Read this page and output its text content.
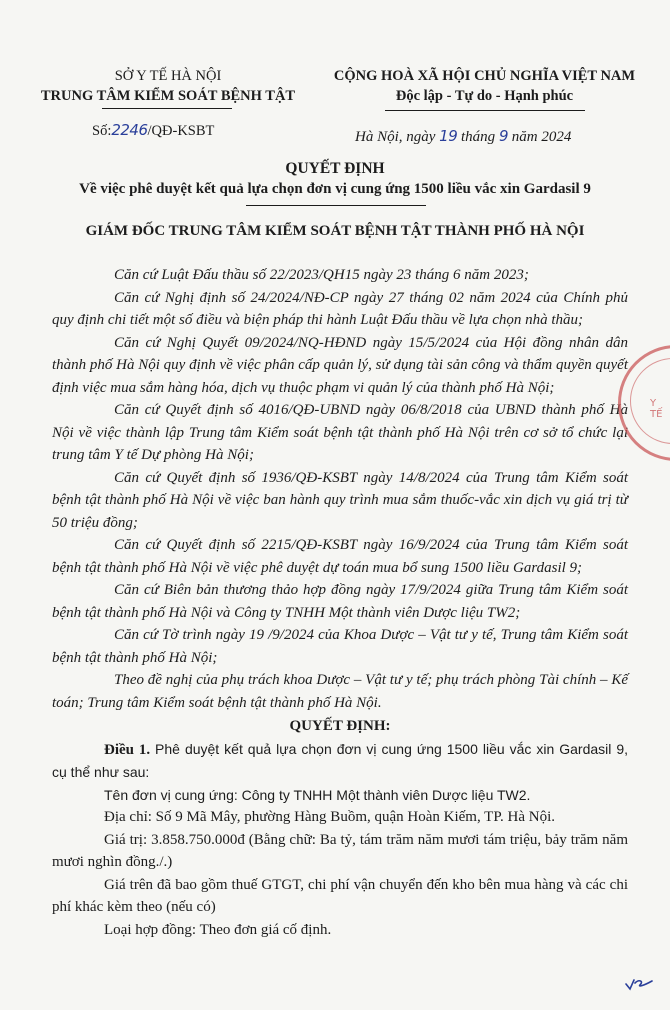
SỞ Y TẾ HÀ NỘI
TRUNG TÂM KIỂM SOÁT BỆNH TẬT
CỘNG HOÀ XÃ HỘI CHỦ NGHĨA VIỆT NAM
Độc lập - Tự do - Hạnh phúc
Số:2246/QĐ-KSBT	Hà Nội, ngày 19 tháng 9 năm 2024
QUYẾT ĐỊNH
Về việc phê duyệt kết quả lựa chọn đơn vị cung ứng 1500 liều vắc xin Gardasil 9
GIÁM ĐỐC TRUNG TÂM KIỂM SOÁT BỆNH TẬT THÀNH PHỐ HÀ NỘI

Căn cứ Luật Đấu thầu số 22/2023/QH15 ngày 23 tháng 6 năm 2023;

Căn cứ Nghị định số 24/2024/NĐ-CP ngày 27 tháng 02 năm 2024 của Chính phủ quy định chi tiết một số điều và biện pháp thi hành Luật Đấu thầu về lựa chọn nhà thầu;

Căn cứ Nghị Quyết 09/2024/NQ-HĐND ngày 15/5/2024 của Hội đồng nhân dân thành phố Hà Nội quy định về việc phân cấp quản lý, sử dụng tài sản công và thẩm quyền quyết định việc mua sắm hàng hóa, dịch vụ thuộc phạm vi quản lý của thành phố Hà Nội;

Căn cứ Quyết định số 4016/QĐ-UBND ngày 06/8/2018 của UBND thành phố Hà Nội về việc thành lập Trung tâm Kiểm soát bệnh tật thành phố Hà Nội trên cơ sở tổ chức lại trung tâm Y tế Dự phòng Hà Nội;

Căn cứ Quyết định số 1936/QĐ-KSBT ngày 14/8/2024 của Trung tâm Kiểm soát bệnh tật thành phố Hà Nội về việc ban hành quy trình mua sắm thuốc-vắc xin dịch vụ giá trị từ 50 triệu đồng;

Căn cứ Quyết định số 2215/QĐ-KSBT ngày 16/9/2024 của Trung tâm Kiểm soát bệnh tật thành phố Hà Nội về việc phê duyệt dự toán mua bổ sung 1500 liều Gardasil 9;

Căn cứ Biên bản thương thảo hợp đồng ngày 17/9/2024 giữa Trung tâm Kiểm soát bệnh tật thành phố Hà Nội và Công ty TNHH Một thành viên Dược liệu TW2;

Căn cứ Tờ trình ngày 19 /9/2024 của Khoa Dược – Vật tư y tế, Trung tâm Kiểm soát bệnh tật thành phố Hà Nội;

Theo đề nghị của phụ trách khoa Dược – Vật tư y tế; phụ trách phòng Tài chính – Kế toán; Trung tâm Kiểm soát bệnh tật thành phố Hà Nội.

QUYẾT ĐỊNH:

Điều 1. Phê duyệt kết quả lựa chọn đơn vị cung ứng 1500 liều vắc xin Gardasil 9, cụ thể như sau:

Tên đơn vị cung ứng: Công ty TNHH Một thành viên Dược liệu TW2.

Địa chỉ: Số 9 Mã Mây, phường Hàng Buồm, quận Hoàn Kiếm, TP. Hà Nội.

Giá trị: 3.858.750.000đ (Bằng chữ: Ba tỷ, tám trăm năm mươi tám triệu, bảy trăm năm mươi nghìn đồng./.)

Giá trên đã bao gồm thuế GTGT, chi phí vận chuyển đến kho bên mua hàng và các chi phí khác kèm theo (nếu có)

Loại hợp đồng: Theo đơn giá cố định.

Y TẾ
